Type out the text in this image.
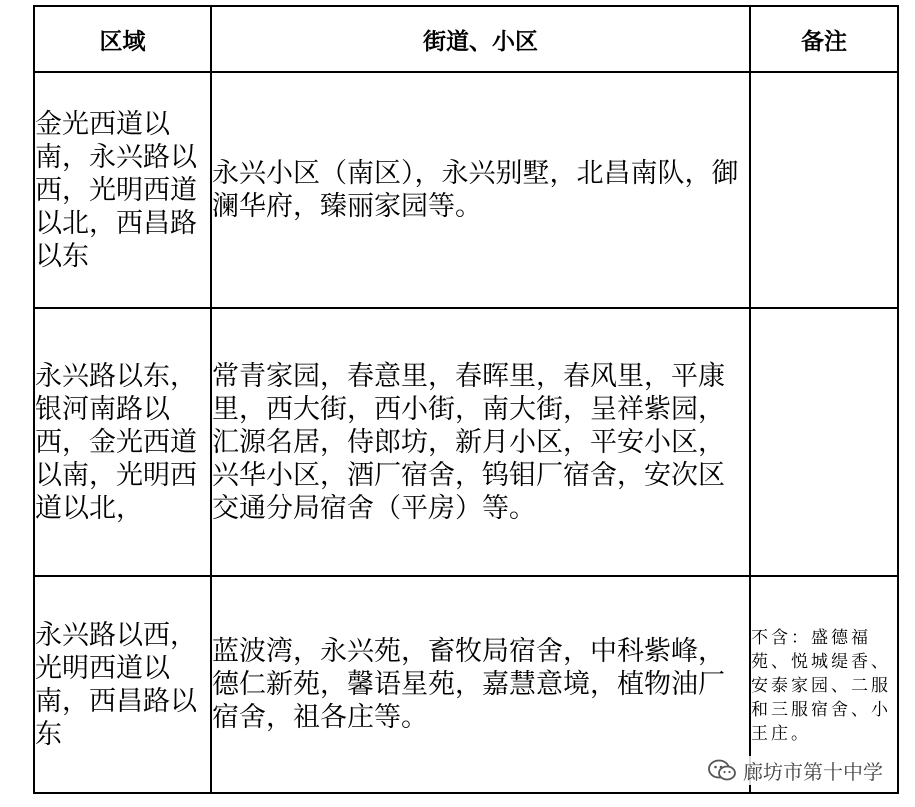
区域	街道、小区	备注
金光西道以南，永兴路以西，光明西道以北，西昌路以东	永兴小区（南区），永兴别墅，北昌南队，御澜华府，臻丽家园等。	

永兴路以东，银河南路以西，金光西道以南，光明西道以北，	常青家园，春意里，春晖里，春风里，平康里，西大街，西小街，南大街，呈祥紫园，汇源名居，侍郎坊，新月小区，平安小区，兴华小区，酒厂宿舍，钨钼厂宿舍，安次区交通分局宿舍（平房）等。	

永兴路以西，光明西道以南，西昌路以东	蓝波湾，永兴苑，畜牧局宿舍，中科紫峰，德仁新苑，馨语星苑，嘉慧意境，植物油厂宿舍，祖各庄等。	不含：盛德福苑、悦城缇香、安泰家园、二服和三服宿舍、小王庄。
廊坊市第十中学
